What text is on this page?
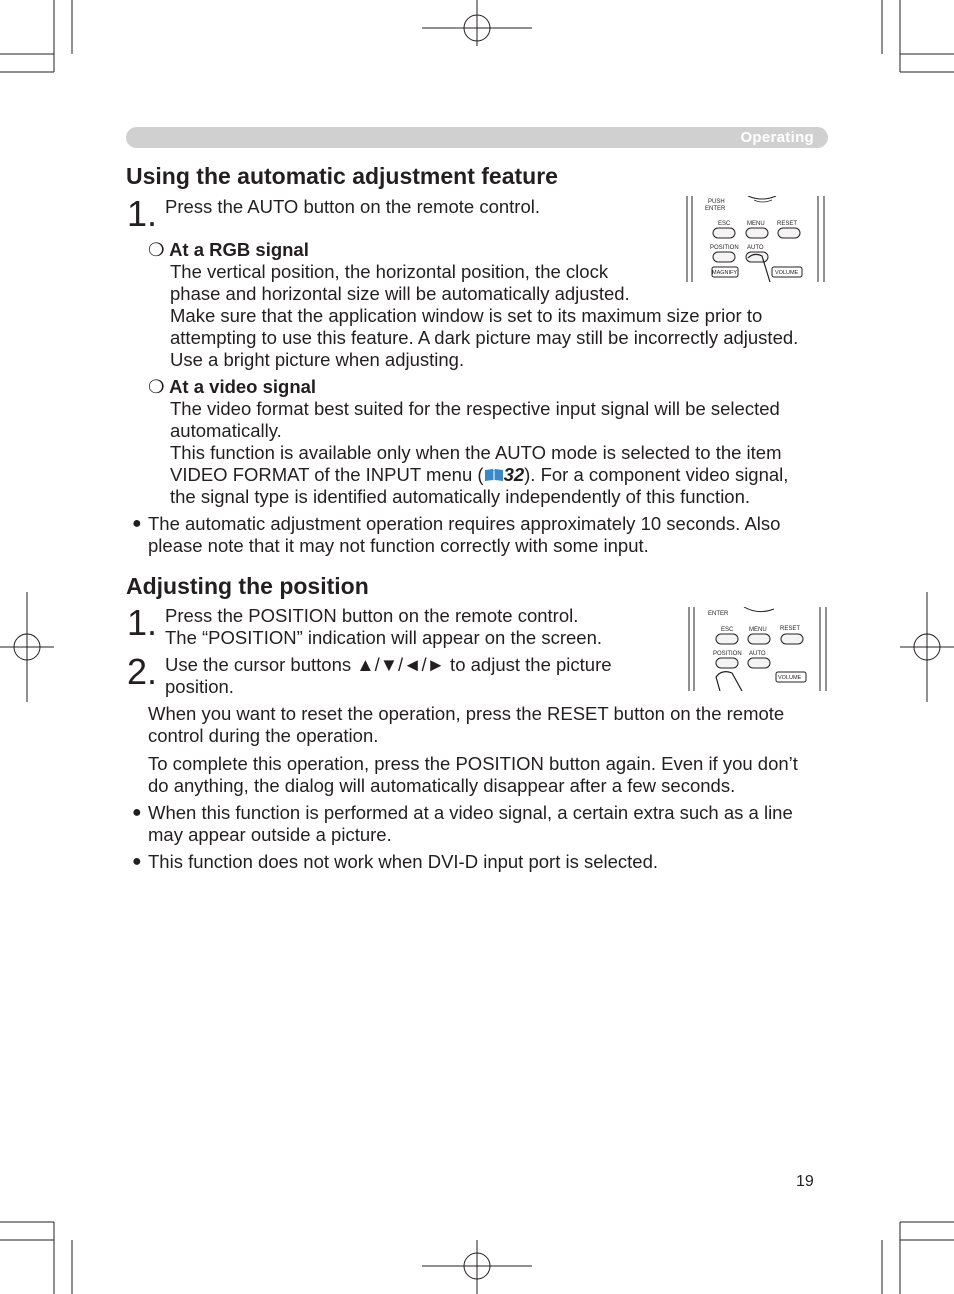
Operating
Using the automatic adjustment feature
1. Press the AUTO button on the remote control.
❍ At a RGB signal
The vertical position, the horizontal position, the clock
phase and horizontal size will be automatically adjusted.
Make sure that the application window is set to its maximum size prior to
attempting to use this feature. A dark picture may still be incorrectly adjusted.
Use a bright picture when adjusting.
❍ At a video signal
The video format best suited for the respective input signal will be selected
automatically.
This function is available only when the AUTO mode is selected to the item
VIDEO FORMAT of the INPUT menu ( 32). For a component video signal,
the signal type is identified automatically independently of this function.
● The automatic adjustment operation requires approximately 10 seconds. Also
please note that it may not function correctly with some input.
PUSH
ENTER
ESC	MENU RESET
POSITION AUTO
MAGNIFY	VOLUME
Adjusting the position
1. Press the POSITION button on the remote control.
The “POSITION” indication will appear on the screen.
2. Use the cursor buttons ▲/▼/◄/► to adjust the picture
position.
When you want to reset the operation, press the RESET button on the remote
control during the operation.
To complete this operation, press the POSITION button again. Even if you don’t
do anything, the dialog will automatically disappear after a few seconds.
● When this function is performed at a video signal, a certain extra such as a line
may appear outside a picture.
● This function does not work when DVI-D input port is selected.
ENTER
ESC	MENU RESET
POSITION AUTO
VOLUME
19
